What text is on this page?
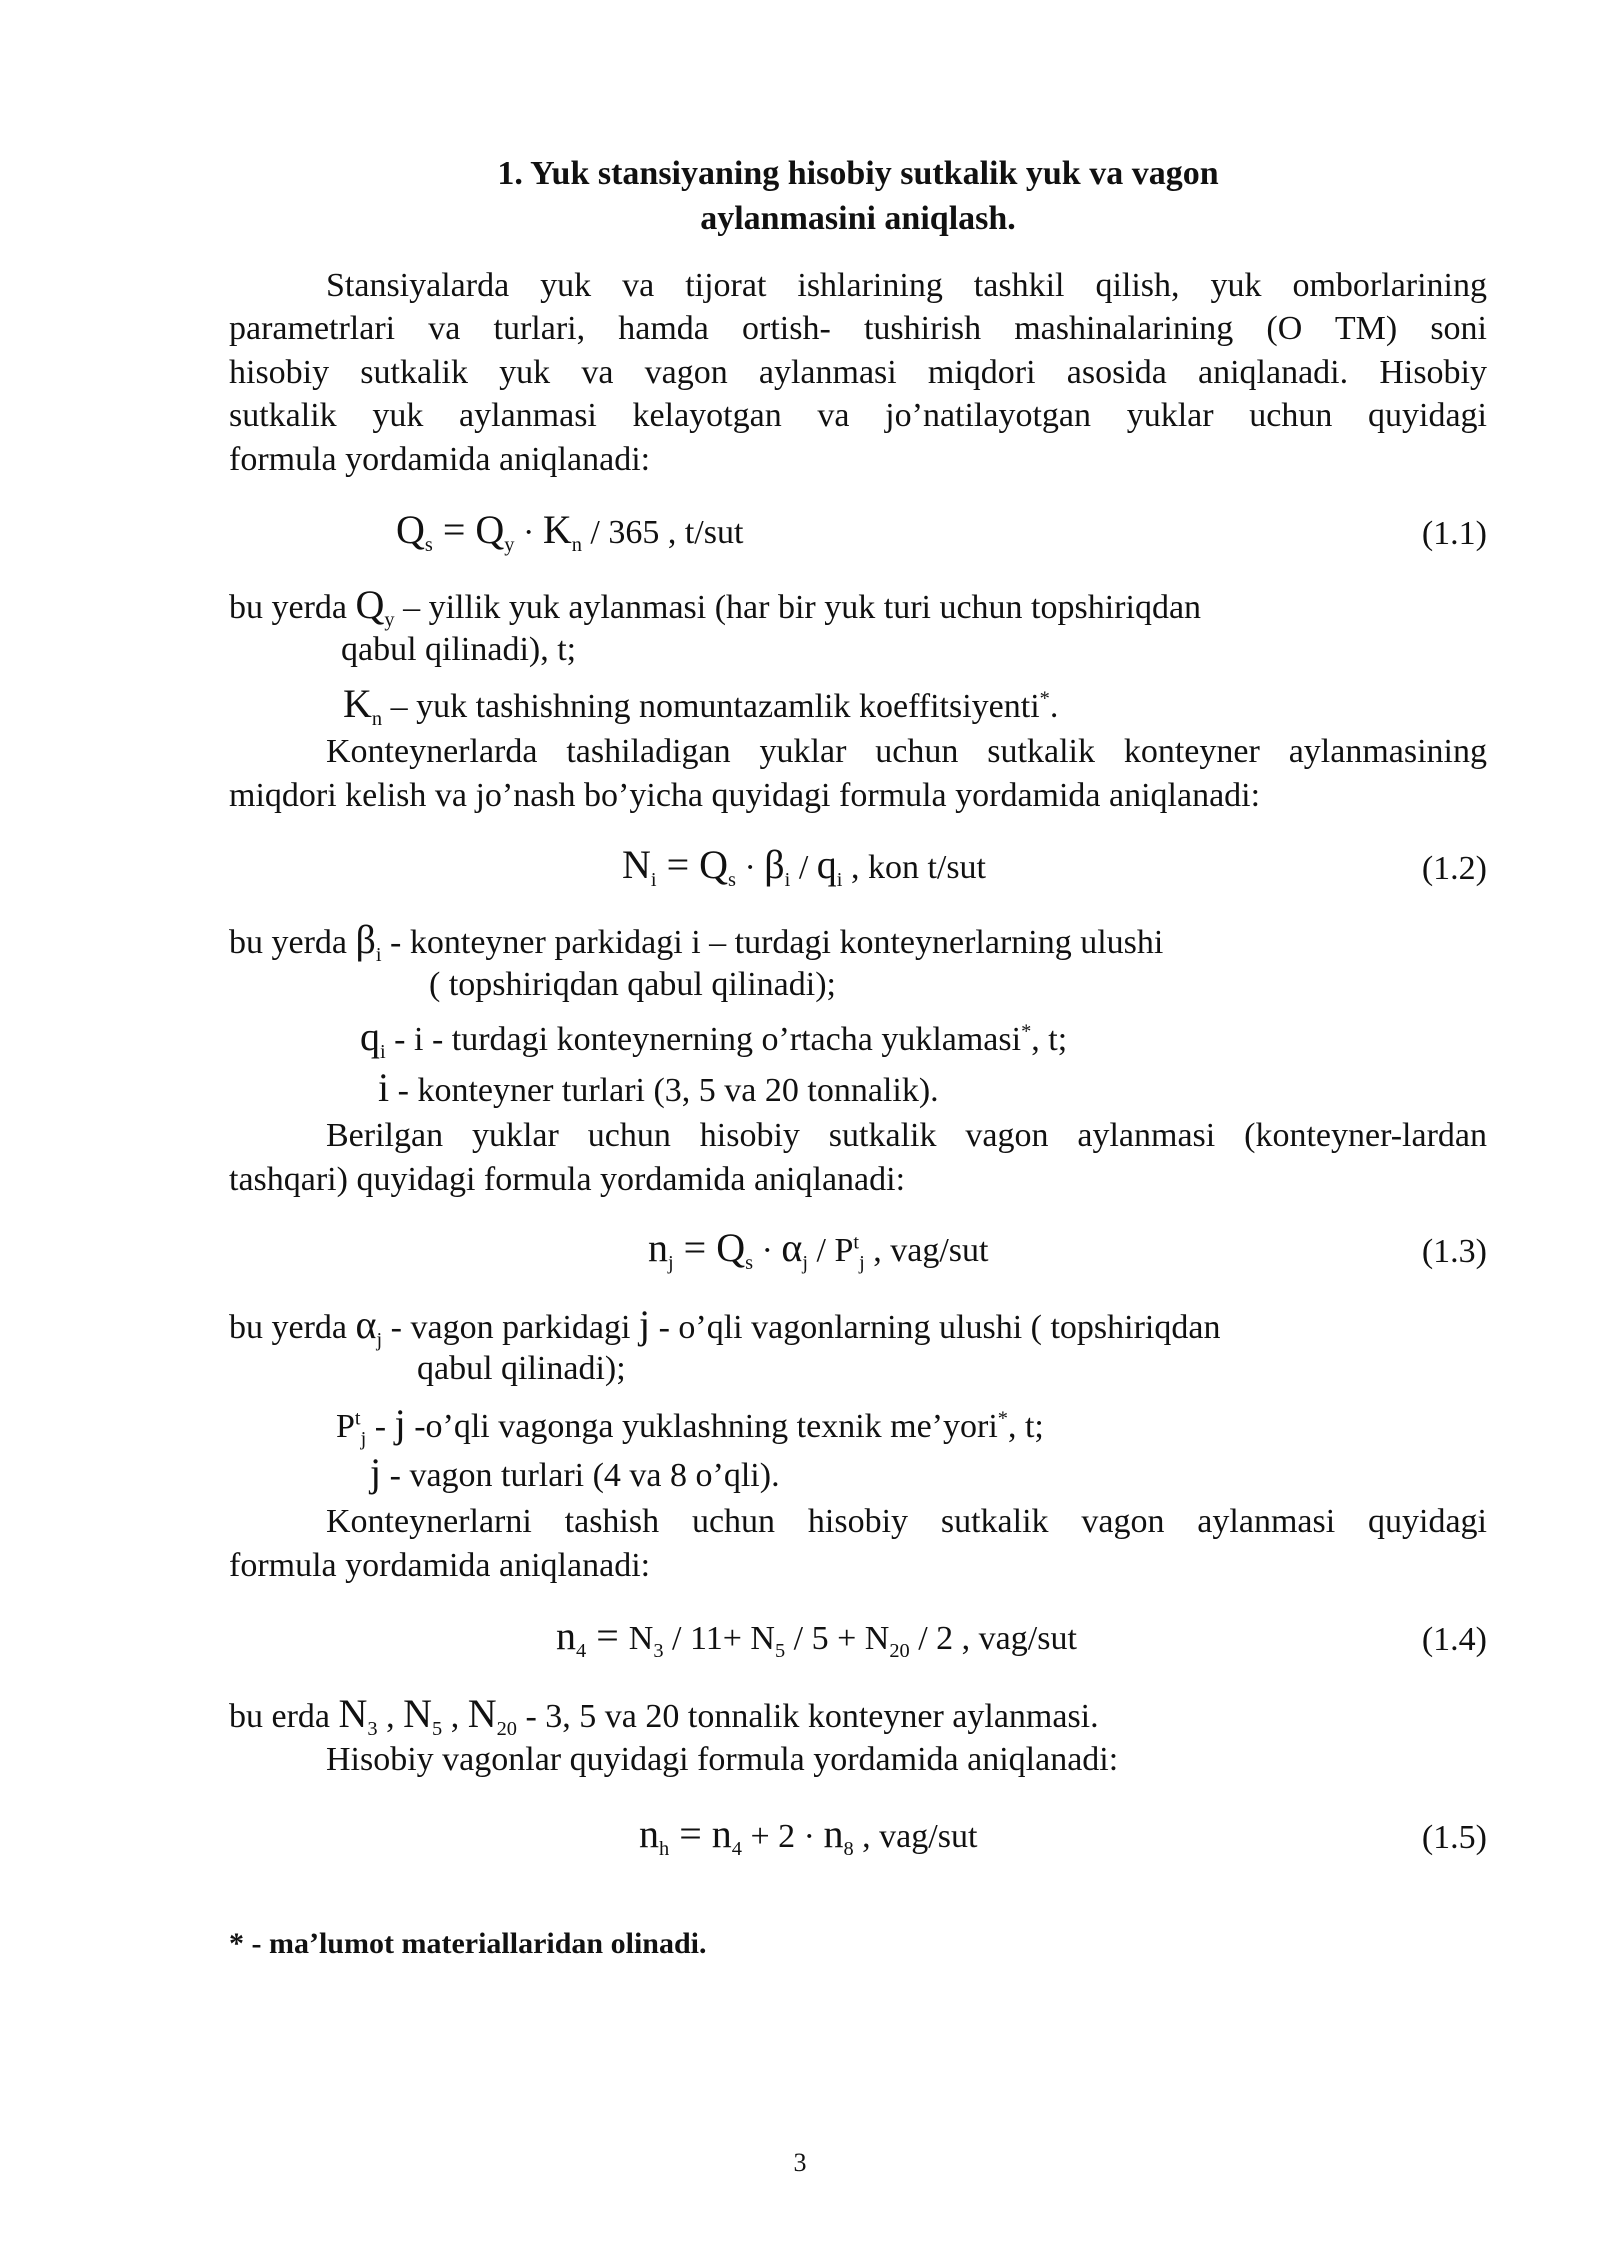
1. Yuk stansiyaning hisobiy sutkalik yuk va vagon
aylanmasini aniqlash.
Stansiyalarda yuk va tijorat ishlarining tashkil qilish, yuk omborlarining
parametrlari va turlari, hamda ortish- tushirish mashinalarining (O TM) soni
hisobiy sutkalik yuk va vagon aylanmasi miqdori asosida aniqlanadi. Hisobiy
sutkalik yuk aylanmasi kelayotgan va jo’natilayotgan yuklar uchun quyidagi
formula yordamida aniqlanadi:
$Q_s = Q_y \cdot K_n / 365$ , t/sut	(1.1)
bu yerda $Q_y$ – yillik yuk aylanmasi (har bir yuk turi uchun topshiriqdan
qabul qilinadi), t;
$K_n$ – yuk tashishning nomuntazamlik koeffitsiyenti*.
Konteynerlarda tashiladigan yuklar uchun sutkalik konteyner aylanmasining
miqdori kelish va jo’nash bo’yicha quyidagi formula yordamida aniqlanadi:
$N_i = Q_s \cdot \beta_i / q_i$ , kon t/sut	(1.2)
bu yerda $\beta_i$ - konteyner parkidagi i – turdagi konteynerlarning ulushi
( topshiriqdan qabul qilinadi);
$q_i$ - i - turdagi konteynerning o’rtacha yuklamasi*, t;
i - konteyner turlari (3, 5 va 20 tonnalik).
Berilgan yuklar uchun hisobiy sutkalik vagon aylanmasi (konteyner-lardan
tashqari) quyidagi formula yordamida aniqlanadi:
$n_j = Q_s \cdot \alpha_j / P^t_j$ , vag/sut	(1.3)
bu yerda $\alpha_j$ - vagon parkidagi j - o’qli vagonlarning ulushi ( topshiriqdan
qabul qilinadi);
$P^t_j$ - j -o’qli vagonga yuklashning texnik me’yori*, t;
j - vagon turlari (4 va 8 o’qli).
Konteynerlarni tashish uchun hisobiy sutkalik vagon aylanmasi quyidagi
formula yordamida aniqlanadi:
$n_4 = N_3 / 11+ N_5 / 5 + N_{20} / 2$ , vag/sut	(1.4)
bu erda $N_3$ , $N_5$ , $N_{20} - 3$, 5 va 20 tonnalik konteyner aylanmasi.
Hisobiy vagonlar quyidagi formula yordamida aniqlanadi:
$n_h = n_4 + 2 \cdot n_8$ , vag/sut	(1.5)
* - ma’lumot materiallaridan olinadi.
3
